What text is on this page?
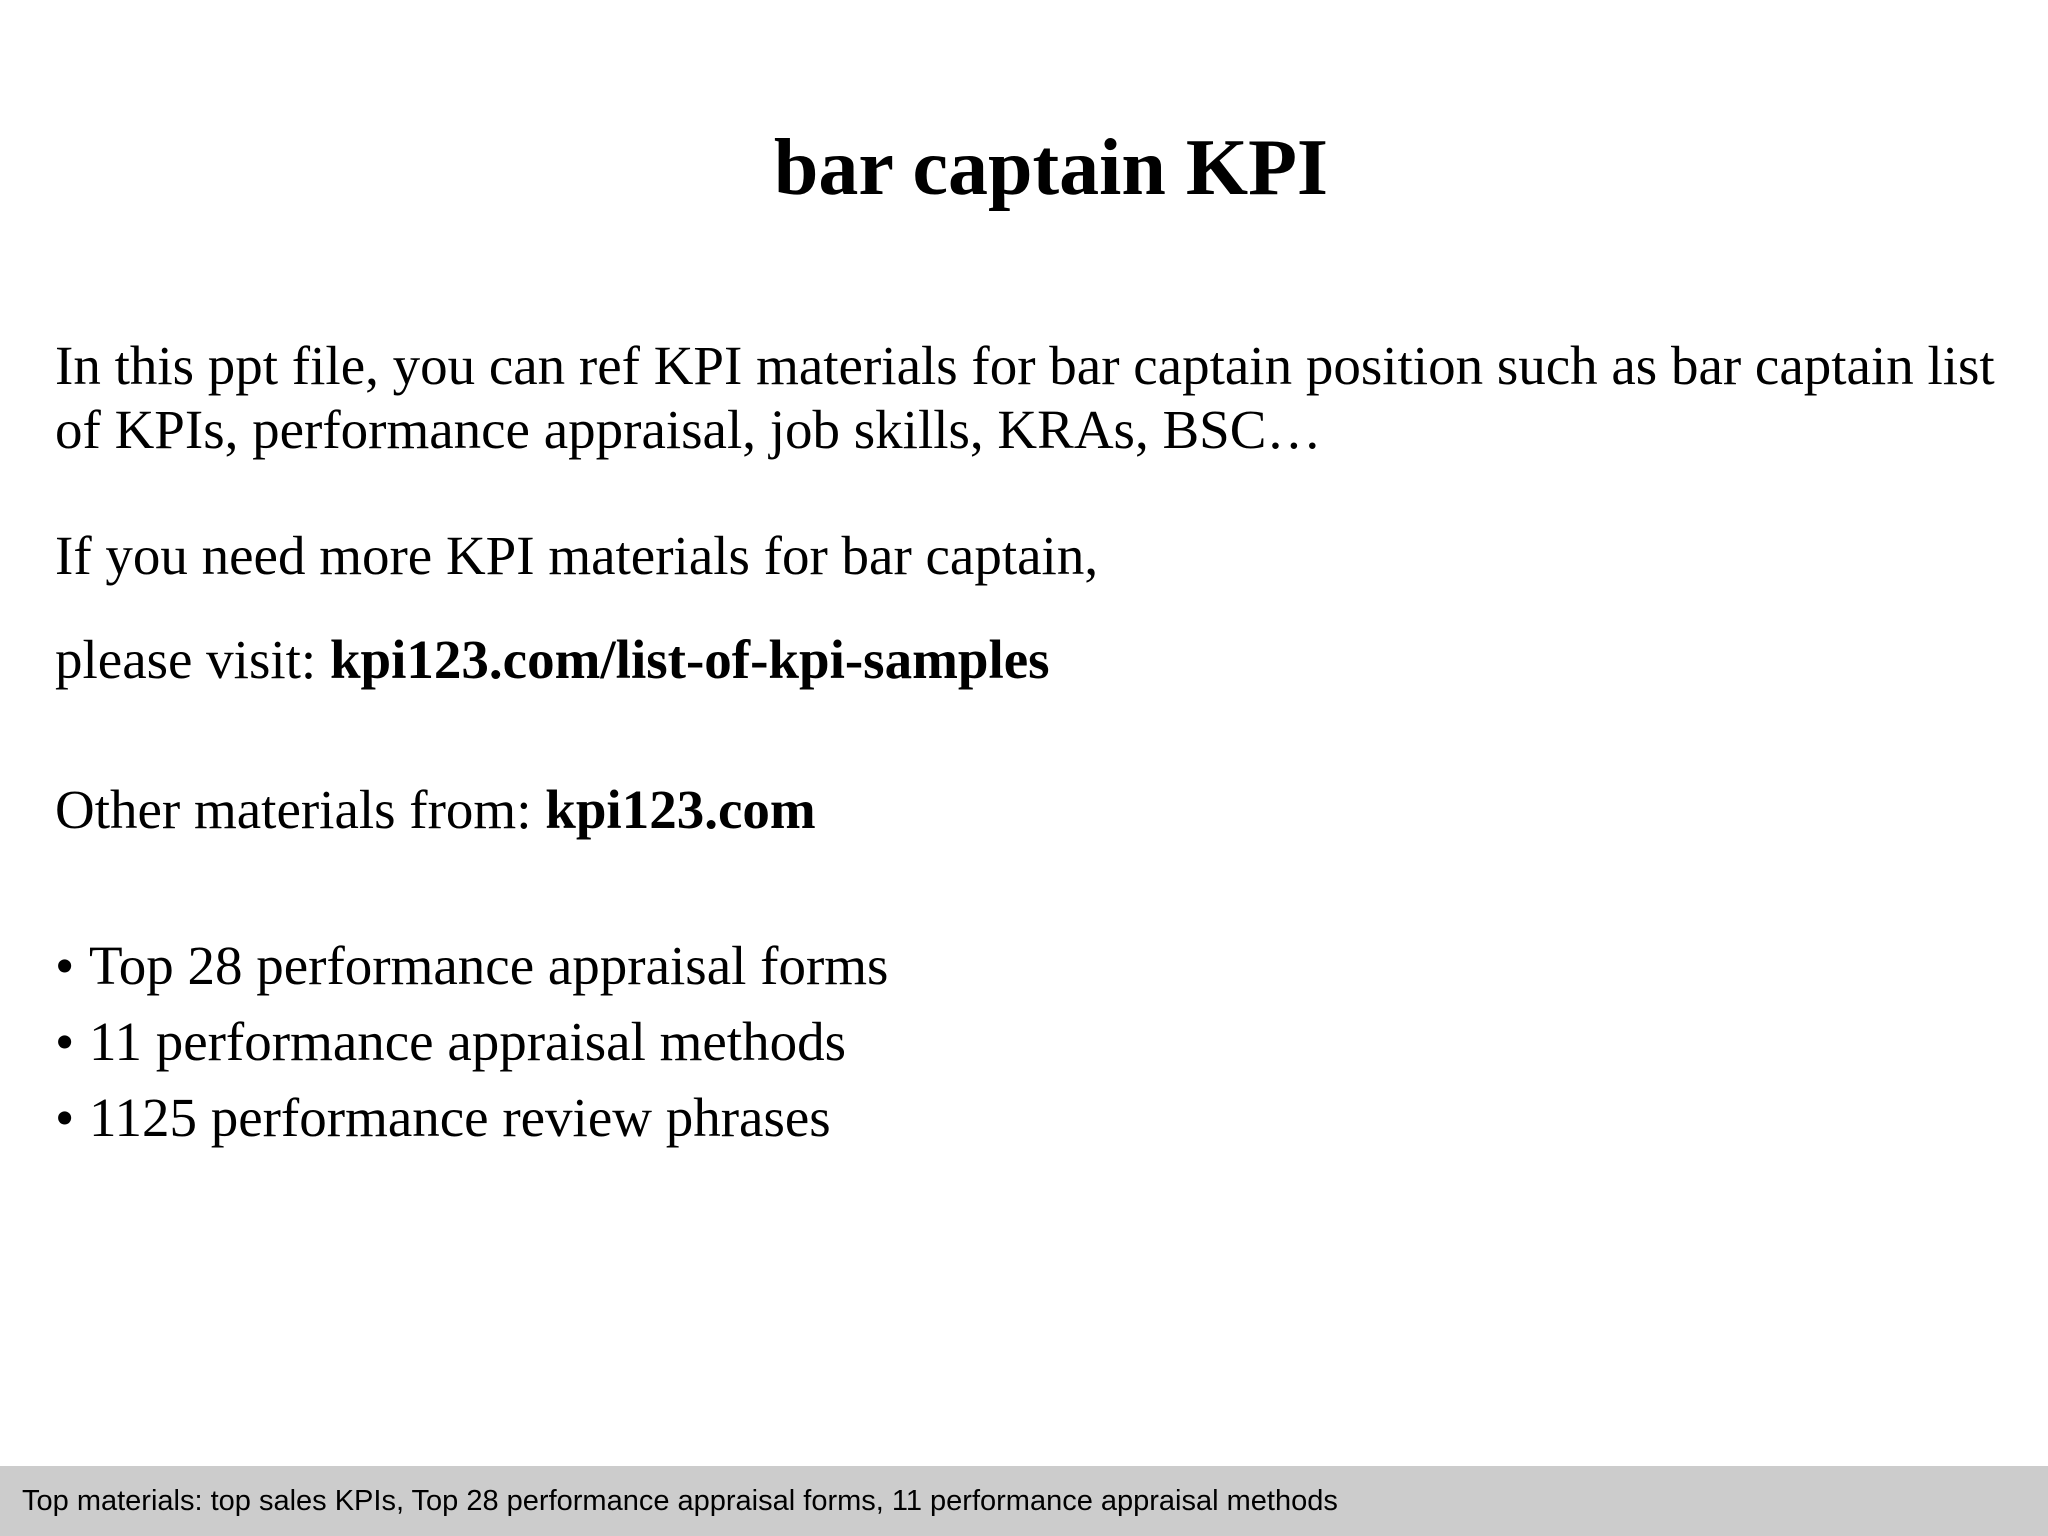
bar captain KPI

In this ppt file, you can ref KPI materials for bar captain position such as bar captain list of KPIs, performance appraisal, job skills, KRAs, BSC…

If you need more KPI materials for bar captain,

please visit: kpi123.com/list-of-kpi-samples

Other materials from: kpi123.com

• Top 28 performance appraisal forms
• 11 performance appraisal methods
• 1125 performance review phrases
Top materials: top sales KPIs, Top 28 performance appraisal forms, 11 performance appraisal methods
